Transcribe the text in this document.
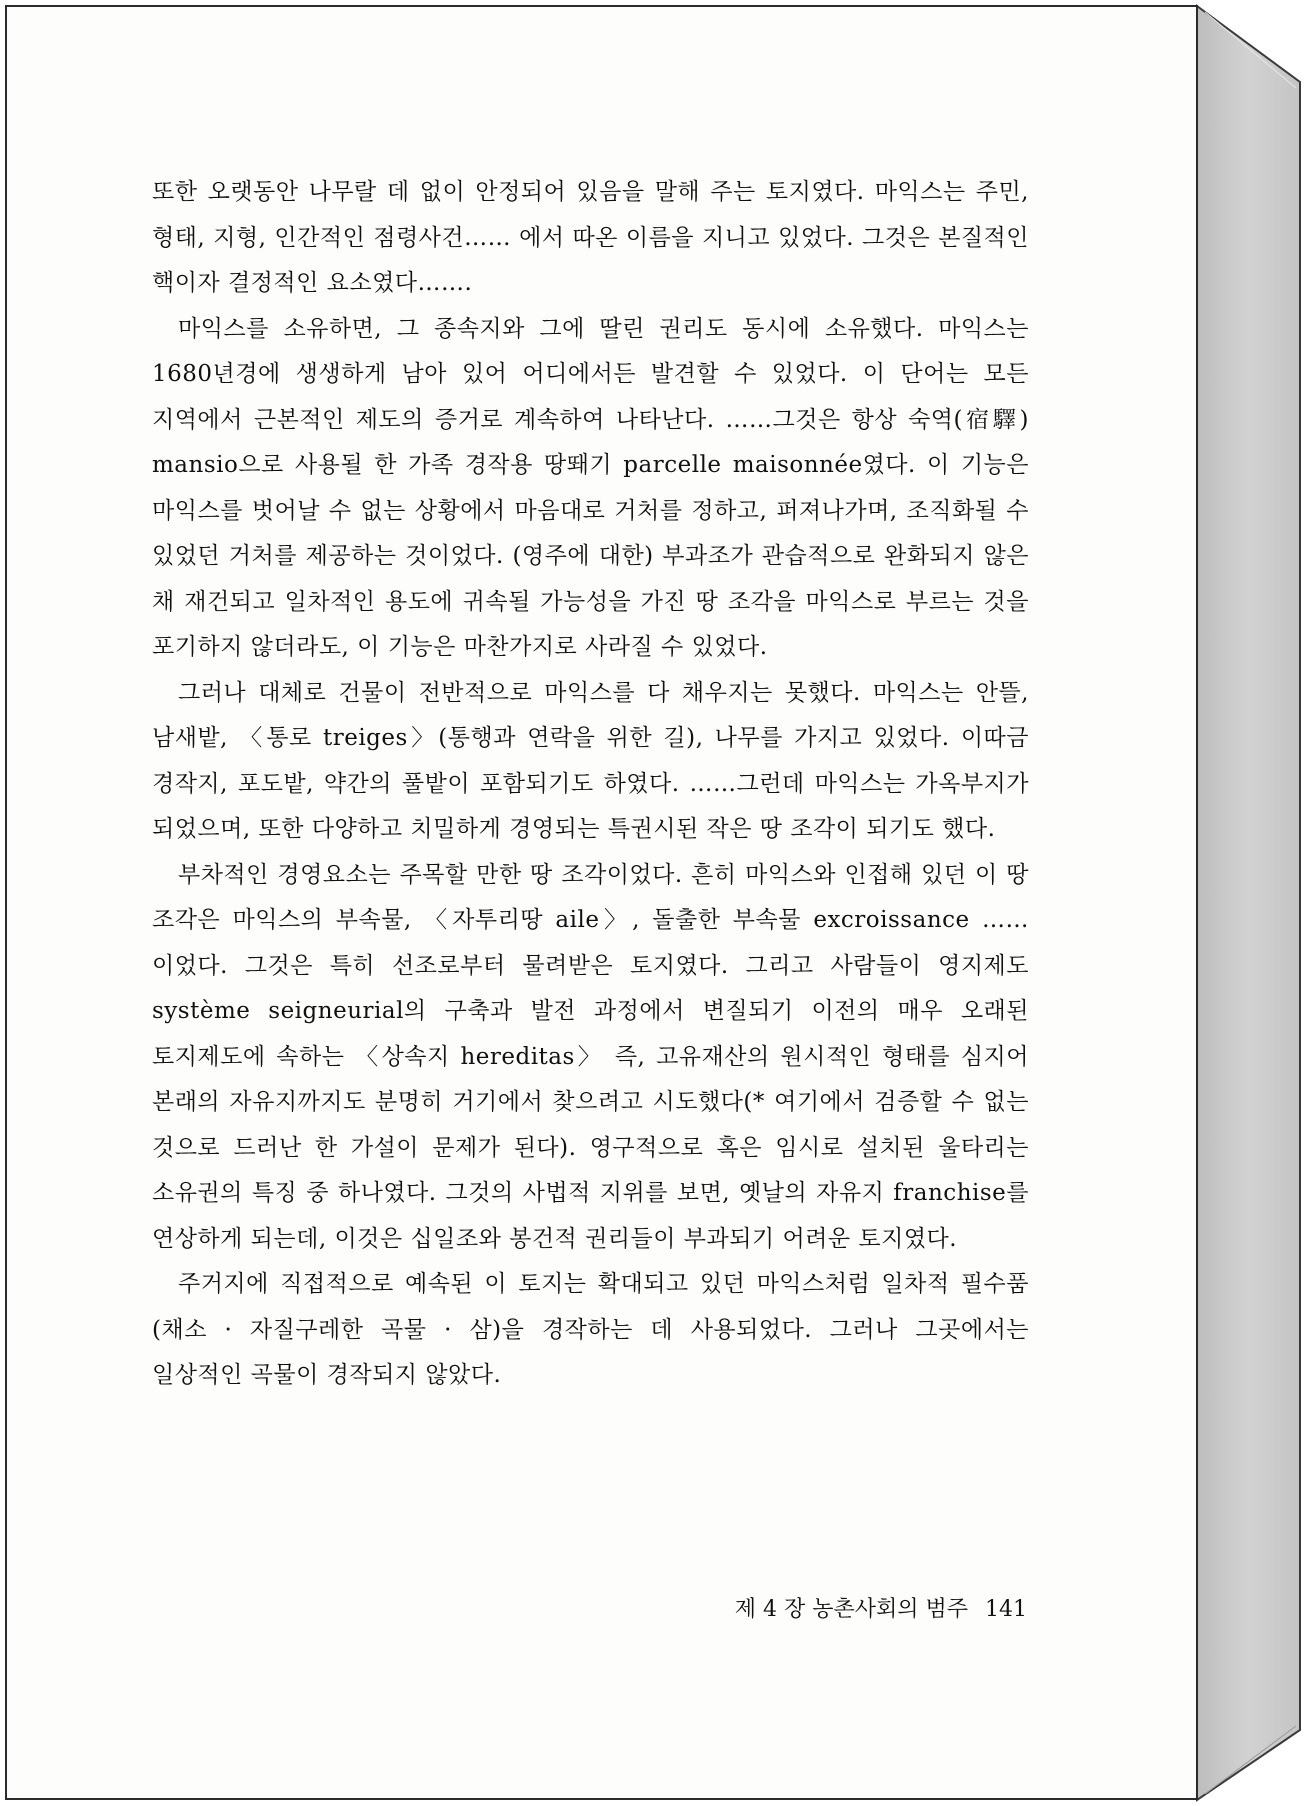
또한 오랫동안 나무랄 데 없이 안정되어 있음을 말해 주는 토지였다. 마익스는 주민, 형태, 지형, 인간적인 점령사건…… 에서 따온 이름을 지니고 있었다. 그것은 본질적인 핵이자 결정적인 요소였다…….

마익스를 소유하면, 그 종속지와 그에 딸린 권리도 동시에 소유했다. 마익스는 1680년경에 생생하게 남아 있어 어디에서든 발견할 수 있었다. 이 단어는 모든 지역에서 근본적인 제도의 증거로 계속하여 나타난다. ……그것은 항상 숙역(宿驛) mansio으로 사용될 한 가족 경작용 땅뙈기 parcelle maisonnée였다. 이 기능은 마익스를 벗어날 수 없는 상황에서 마음대로 거처를 정하고, 퍼져나가며, 조직화될 수 있었던 거처를 제공하는 것이었다. (영주에 대한) 부과조가 관습적으로 완화되지 않은 채 재건되고 일차적인 용도에 귀속될 가능성을 가진 땅 조각을 마익스로 부르는 것을 포기하지 않더라도, 이 기능은 마찬가지로 사라질 수 있었다.

그러나 대체로 건물이 전반적으로 마익스를 다 채우지는 못했다. 마익스는 안뜰, 남새밭, 〈통로 treiges〉(통행과 연락을 위한 길), 나무를 가지고 있었다. 이따금 경작지, 포도밭, 약간의 풀밭이 포함되기도 하였다. ……그런데 마익스는 가옥부지가 되었으며, 또한 다양하고 치밀하게 경영되는 특권시된 작은 땅 조각이 되기도 했다.

부차적인 경영요소는 주목할 만한 땅 조각이었다. 흔히 마익스와 인접해 있던 이 땅 조각은 마익스의 부속물, 〈자투리땅 aile〉, 돌출한 부속물 excroissance ……이었다. 그것은 특히 선조로부터 물려받은 토지였다. 그리고 사람들이 영지제도 système seigneurial의 구축과 발전 과정에서 변질되기 이전의 매우 오래된 토지제도에 속하는 〈상속지 hereditas〉 즉, 고유재산의 원시적인 형태를 심지어 본래의 자유지까지도 분명히 거기에서 찾으려고 시도했다(* 여기에서 검증할 수 없는 것으로 드러난 한 가설이 문제가 된다). 영구적으로 혹은 임시로 설치된 울타리는 소유권의 특징 중 하나였다. 그것의 사법적 지위를 보면, 옛날의 자유지 franchise를 연상하게 되는데, 이것은 십일조와 봉건적 권리들이 부과되기 어려운 토지였다.

주거지에 직접적으로 예속된 이 토지는 확대되고 있던 마익스처럼 일차적 필수품(채소 · 자질구레한 곡물 · 삼)을 경작하는 데 사용되었다. 그러나 그곳에서는 일상적인 곡물이 경작되지 않았다.

제 4 장 농촌사회의 범주 141
